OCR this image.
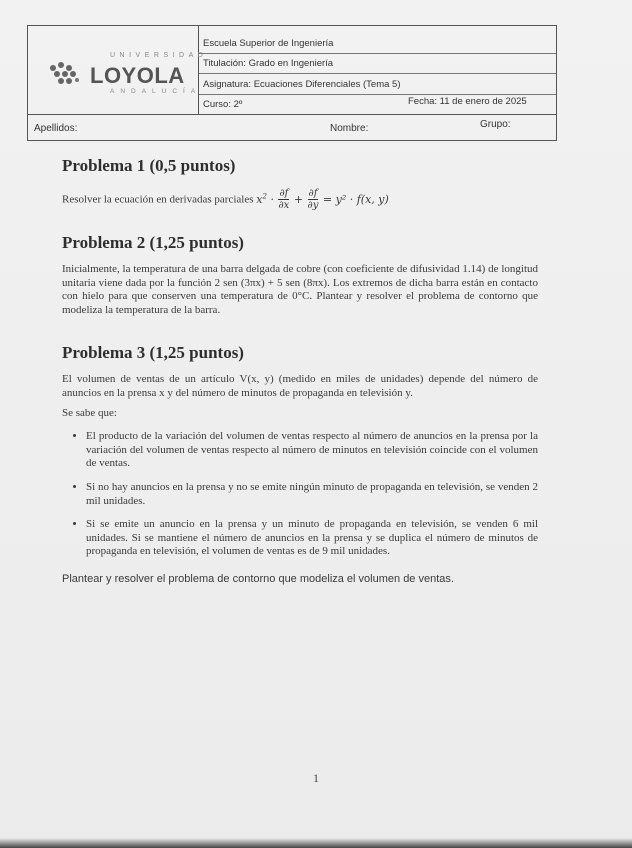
UNIVERSIDAD
LOYOLA
ANDALUCÍA
Escuela Superior de Ingeniería
Titulación: Grado en Ingeniería
Asignatura: Ecuaciones Diferenciales (Tema 5)
Curso: 2º	Fecha: 11 de enero de 2025
Apellidos:	Nombre:	Grupo:
Problema 1 (0,5 puntos)

Resolver la ecuación en derivadas parciales $x^2 \cdot \frac{\partial f}{\partial x} + \frac{\partial f}{\partial y} = y^2 \cdot f(x$, y)

Problema 2 (1,25 puntos)

Inicialmente, la temperatura de una barra delgada de cobre (con coeficiente de difusividad 1.14) de longitud unitaria viene dada por la función 2 sen (3πx) + 5 sen (8πx). Los extremos de dicha barra están en contacto con hielo para que conserven una temperatura de 0°C. Plantear y resolver el problema de contorno que modeliza la temperatura de la barra.

Problema 3 (1,25 puntos)

El volumen de ventas de un artículo V(x, y) (medido en miles de unidades) depende del número de anuncios en la prensa x y del número de minutos de propaganda en televisión y.

Se sabe que:

• El producto de la variación del volumen de ventas respecto al número de anuncios en la prensa por la variación del volumen de ventas respecto al número de minutos en televisión coincide con el volumen de ventas.
• Si no hay anuncios en la prensa y no se emite ningún minuto de propaganda en televisión, se venden 2 mil unidades.
• Si se emite un anuncio en la prensa y un minuto de propaganda en televisión, se venden 6 mil unidades. Si se mantiene el número de anuncios en la prensa y se duplica el número de minutos de propaganda en televisión, el volumen de ventas es de 9 mil unidades.

Plantear y resolver el problema de contorno que modeliza el volumen de ventas.

1
